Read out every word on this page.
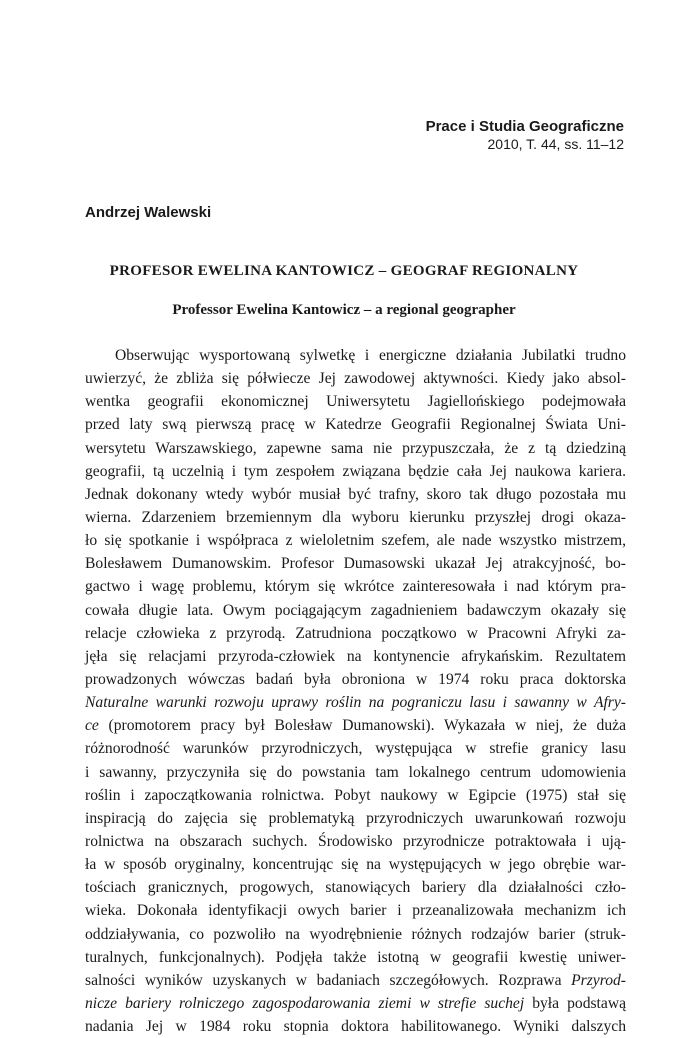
Prace i Studia Geograficzne
2010, T. 44, ss. 11–12
Andrzej Walewski
PROFESOR EWELINA KANTOWICZ – GEOGRAF REGIONALNY
Professor Ewelina Kantowicz – a regional geographer
Obserwując wysportowaną sylwetkę i energiczne działania Jubilatki trudno
uwierzyć, że zbliża się półwiecze Jej zawodowej aktywności. Kiedy jako absol-
wentka geografii ekonomicznej Uniwersytetu Jagiellońskiego podejmowała
przed laty swą pierwszą pracę w Katedrze Geografii Regionalnej Świata Uni-
wersytetu Warszawskiego, zapewne sama nie przypuszczała, że z tą dziedziną
geografii, tą uczelnią i tym zespołem związana będzie cała Jej naukowa kariera.
Jednak dokonany wtedy wybór musiał być trafny, skoro tak długo pozostała mu
wierna. Zdarzeniem brzemiennym dla wyboru kierunku przyszłej drogi okaza-
ło się spotkanie i współpraca z wieloletnim szefem, ale nade wszystko mistrzem,
Bolesławem Dumanowskim. Profesor Dumasowski ukazał Jej atrakcyjność, bo-
gactwo i wagę problemu, którym się wkrótce zainteresowała i nad którym pra-
cowała długie lata. Owym pociągającym zagadnieniem badawczym okazały się
relacje człowieka z przyrodą. Zatrudniona początkowo w Pracowni Afryki za-
jęła się relacjami przyroda-człowiek na kontynencie afrykańskim. Rezultatem
prowadzonych wówczas badań była obroniona w 1974 roku praca doktorska
Naturalne warunki rozwoju uprawy roślin na pograniczu lasu i sawanny w Afry-
ce (promotorem pracy był Bolesław Dumanowski). Wykazała w niej, że duża
różnorodność warunków przyrodniczych, występująca w strefie granicy lasu
i sawanny, przyczyniła się do powstania tam lokalnego centrum udomowienia
roślin i zapoczątkowania rolnictwa. Pobyt naukowy w Egipcie (1975) stał się
inspiracją do zajęcia się problematyką przyrodniczych uwarunkowań rozwoju
rolnictwa na obszarach suchych. Środowisko przyrodnicze potraktowała i ują-
ła w sposób oryginalny, koncentrując się na występujących w jego obrębie war-
tościach granicznych, progowych, stanowiących bariery dla działalności czło-
wieka. Dokonała identyfikacji owych barier i przeanalizowała mechanizm ich
oddziaływania, co pozwoliło na wyodrębnienie różnych rodzajów barier (struk-
turalnych, funkcjonalnych). Podjęła także istotną w geografii kwestię uniwer-
salności wyników uzyskanych w badaniach szczegółowych. Rozprawa Przyrod-
nicze bariery rolniczego zagospodarowania ziemi w strefie suchej była podstawą
nadania Jej w 1984 roku stopnia doktora habilitowanego. Wyniki dalszych
